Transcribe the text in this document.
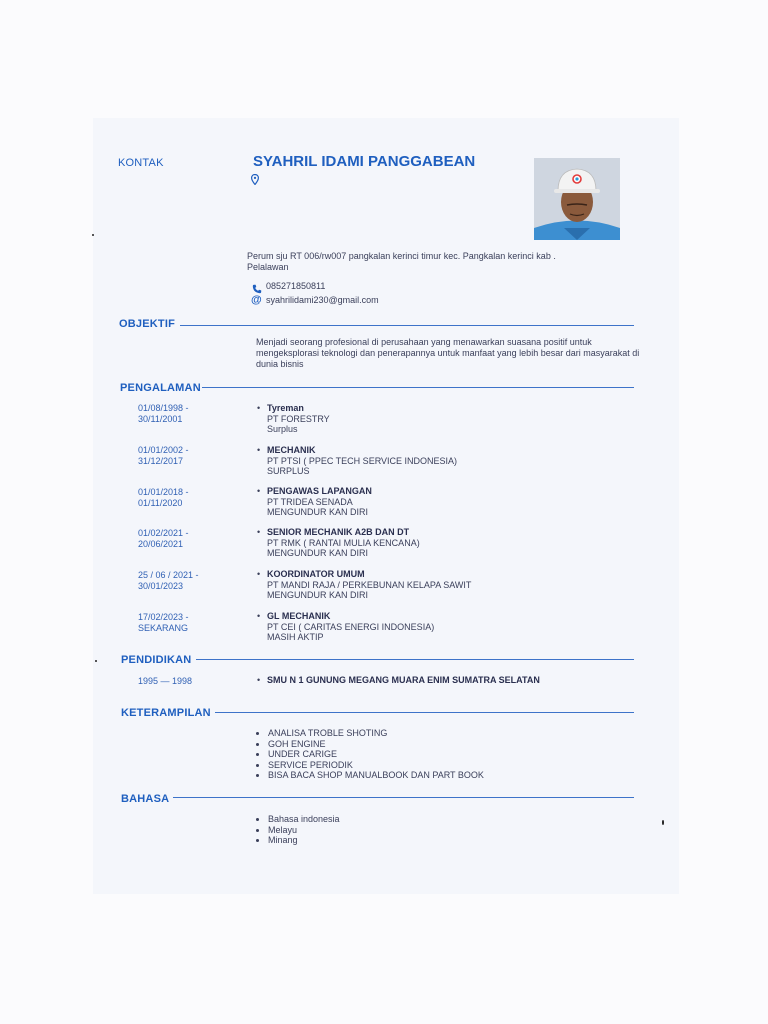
KONTAK	SYAHRIL IDAMI PANGGABEAN
Perum sju RT 006/rw007 pangkalan kerinci timur kec. Pangkalan kerinci kab . Pelalawan
085271850811
@ syahrilidami230@gmail.com
OBJEKTIF
Menjadi seorang profesional di perusahaan yang menawarkan suasana positif untuk mengeksplorasi teknologi dan penerapannya untuk manfaat yang lebih besar dari masyarakat di dunia bisnis
PENGALAMAN
01/08/1998 -
30/11/2001
• Tyreman
PT FORESTRY
Surplus
01/01/2002 -
31/12/2017
• MECHANIK
PT PTSI ( PPEC TECH SERVICE INDONESIA)
SURPLUS
01/01/2018 -
01/11/2020
• PENGAWAS LAPANGAN
PT TRIDEA SENADA
MENGUNDUR KAN DIRI
01/02/2021 -
20/06/2021
• SENIOR MECHANIK A2B DAN DT
PT RMK ( RANTAI MULIA KENCANA)
MENGUNDUR KAN DIRI
25 / 06 / 2021 -
30/01/2023
• KOORDINATOR UMUM
PT MANDI RAJA / PERKEBUNAN KELAPA SAWIT
MENGUNDUR KAN DIRI
17/02/2023 -
SEKARANG
• GL MECHANIK
PT CEI ( CARITAS ENERGI INDONESIA)
MASIH AKTIP
PENDIDIKAN
1995 — 1998	• SMU N 1 GUNUNG MEGANG MUARA ENIM SUMATRA SELATAN
KETERAMPILAN
• ANALISA TROBLE SHOTING
• GOH ENGINE
• UNDER CARIGE
• SERVICE PERIODIK
• BISA BACA SHOP MANUALBOOK DAN PART BOOK
BAHASA
• Bahasa indonesia
• Melayu
• Minang
